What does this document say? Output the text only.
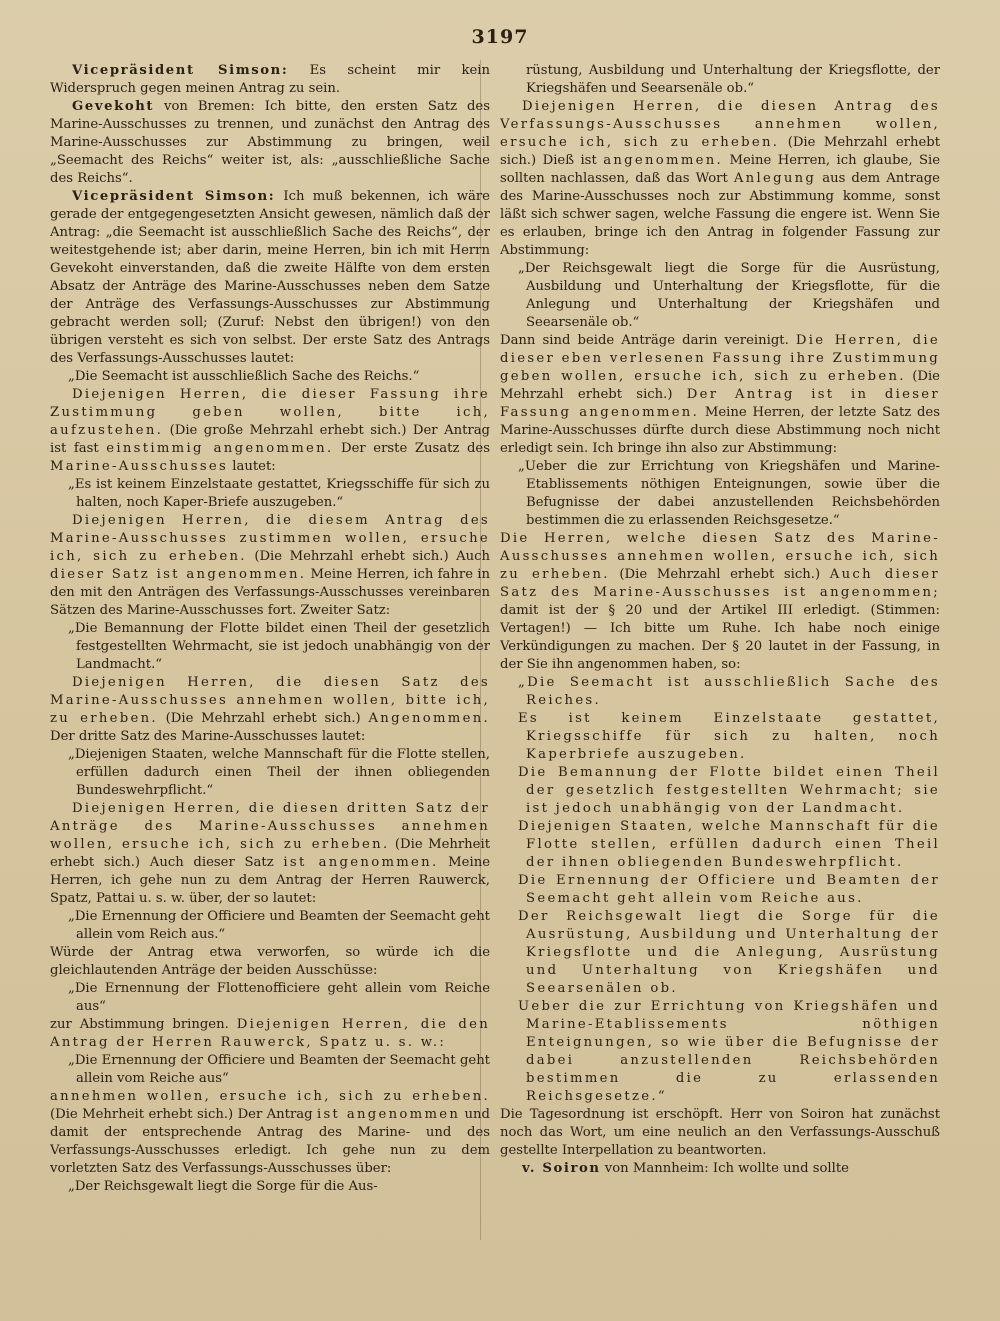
3197

Vicepräsident Simson: Es scheint mir kein Widerspruch gegen meinen Antrag zu sein.

Gevekoht von Bremen: Ich bitte, den ersten Satz des Marine-Ausschusses zu trennen, und zunächst den Antrag des Marine-Ausschusses zur Abstimmung zu bringen, weil „Seemacht des Reichs“ weiter ist, als: „ausschließliche Sache des Reichs“.

Vicepräsident Simson: Ich muß bekennen, ich wäre gerade der entgegengesetzten Ansicht gewesen, nämlich daß der Antrag: „die Seemacht ist ausschließlich Sache des Reichs“, der weitestgehende ist; aber darin, meine Herren, bin ich mit Herrn Gevekoht einverstanden, daß die zweite Hälfte von dem ersten Absatz der Anträge des Marine-Ausschusses neben dem Satze der Anträge des Verfassungs-Ausschusses zur Abstimmung gebracht werden soll; (Zuruf: Nebst den übrigen!) von den übrigen versteht es sich von selbst. Der erste Satz des Antrags des Verfassungs-Ausschusses lautet:

„Die Seemacht ist ausschließlich Sache des Reichs.“

Diejenigen Herren, die dieser Fassung ihre Zustimmung geben wollen, bitte ich, aufzustehen. (Die große Mehrzahl erhebt sich.) Der Antrag ist fast einstimmig angenommen. Der erste Zusatz des Marine-Ausschusses lautet:

„Es ist keinem Einzelstaate gestattet, Kriegsschiffe für sich zu halten, noch Kaper-Briefe auszugeben.“

Diejenigen Herren, die diesem Antrag des Marine-Ausschusses zustimmen wollen, ersuche ich, sich zu erheben. (Die Mehrzahl erhebt sich.) Auch dieser Satz ist angenommen. Meine Herren, ich fahre in den mit den Anträgen des Verfassungs-Ausschusses vereinbaren Sätzen des Marine-Ausschusses fort. Zweiter Satz:

„Die Bemannung der Flotte bildet einen Theil der gesetzlich festgestellten Wehrmacht, sie ist jedoch unabhängig von der Landmacht.“

Diejenigen Herren, die diesen Satz des Marine-Ausschusses annehmen wollen, bitte ich, zu erheben. (Die Mehrzahl erhebt sich.) Angenommen. Der dritte Satz des Marine-Ausschusses lautet:

„Diejenigen Staaten, welche Mannschaft für die Flotte stellen, erfüllen dadurch einen Theil der ihnen obliegenden Bundeswehrpflicht.“

Diejenigen Herren, die diesen dritten Satz der Anträge des Marine-Ausschusses annehmen wollen, ersuche ich, sich zu erheben. (Die Mehrheit erhebt sich.) Auch dieser Satz ist angenommen. Meine Herren, ich gehe nun zu dem Antrag der Herren Rauwerck, Spatz, Pattai u. s. w. über, der so lautet:

„Die Ernennung der Officiere und Beamten der Seemacht geht allein vom Reich aus.“

Würde der Antrag etwa verworfen, so würde ich die gleichlautenden Anträge der beiden Ausschüsse:

„Die Ernennung der Flottenofficiere geht allein vom Reiche aus“

zur Abstimmung bringen. Diejenigen Herren, die den Antrag der Herren Rauwerck, Spatz u. s. w.:

„Die Ernennung der Officiere und Beamten der Seemacht geht allein vom Reiche aus“

annehmen wollen, ersuche ich, sich zu erheben. (Die Mehrheit erhebt sich.) Der Antrag ist angenommen und damit der entsprechende Antrag des Marine- und des Verfassungs-Ausschusses erledigt. Ich gehe nun zu dem vorletzten Satz des Verfassungs-Ausschusses über:

„Der Reichsgewalt liegt die Sorge für die Aus-

rüstung, Ausbildung und Unterhaltung der Kriegsflotte, der Kriegshäfen und Seearsenäle ob.“

Diejenigen Herren, die diesen Antrag des Verfassungs-Ausschusses annehmen wollen, ersuche ich, sich zu erheben. (Die Mehrzahl erhebt sich.) Dieß ist angenommen. Meine Herren, ich glaube, Sie sollten nachlassen, daß das Wort Anlegung aus dem Antrage des Marine-Ausschusses noch zur Abstimmung komme, sonst läßt sich schwer sagen, welche Fassung die engere ist. Wenn Sie es erlauben, bringe ich den Antrag in folgender Fassung zur Abstimmung:

„Der Reichsgewalt liegt die Sorge für die Ausrüstung, Ausbildung und Unterhaltung der Kriegsflotte, für die Anlegung und Unterhaltung der Kriegshäfen und Seearsenäle ob.“

Dann sind beide Anträge darin vereinigt. Die Herren, die dieser eben verlesenen Fassung ihre Zustimmung geben wollen, ersuche ich, sich zu erheben. (Die Mehrzahl erhebt sich.) Der Antrag ist in dieser Fassung angenommen. Meine Herren, der letzte Satz des Marine-Ausschusses dürfte durch diese Abstimmung noch nicht erledigt sein. Ich bringe ihn also zur Abstimmung:

„Ueber die zur Errichtung von Kriegshäfen und Marine-Etablissements nöthigen Enteignungen, sowie über die Befugnisse der dabei anzustellenden Reichsbehörden bestimmen die zu erlassenden Reichsgesetze.“

Die Herren, welche diesen Satz des Marine-Ausschusses annehmen wollen, ersuche ich, sich zu erheben. (Die Mehrzahl erhebt sich.) Auch dieser Satz des Marine-Ausschusses ist angenommen; damit ist der § 20 und der Artikel III erledigt. (Stimmen: Vertagen!) — Ich bitte um Ruhe. Ich habe noch einige Verkündigungen zu machen. Der § 20 lautet in der Fassung, in der Sie ihn angenommen haben, so:

„Die Seemacht ist ausschließlich Sache des Reiches.

Es ist keinem Einzelstaate gestattet, Kriegsschiffe für sich zu halten, noch Kaperbriefe auszugeben.

Die Bemannung der Flotte bildet einen Theil der gesetzlich festgestellten Wehrmacht; sie ist jedoch unabhängig von der Landmacht.

Diejenigen Staaten, welche Mannschaft für die Flotte stellen, erfüllen dadurch einen Theil der ihnen obliegenden Bundeswehrpflicht.

Die Ernennung der Officiere und Beamten der Seemacht geht allein vom Reiche aus.

Der Reichsgewalt liegt die Sorge für die Ausrüstung, Ausbildung und Unterhaltung der Kriegsflotte und die Anlegung, Ausrüstung und Unterhaltung von Kriegshäfen und Seearsenälen ob.

Ueber die zur Errichtung von Kriegshäfen und Marine-Etablissements nöthigen Enteignungen, so wie über die Befugnisse der dabei anzustellenden Reichsbehörden bestimmen die zu erlassenden Reichsgesetze.“

Die Tagesordnung ist erschöpft. Herr von Soiron hat zunächst noch das Wort, um eine neulich an den Verfassungs-Ausschuß gestellte Interpellation zu beantworten.

v. Soiron von Mannheim: Ich wollte und sollte
